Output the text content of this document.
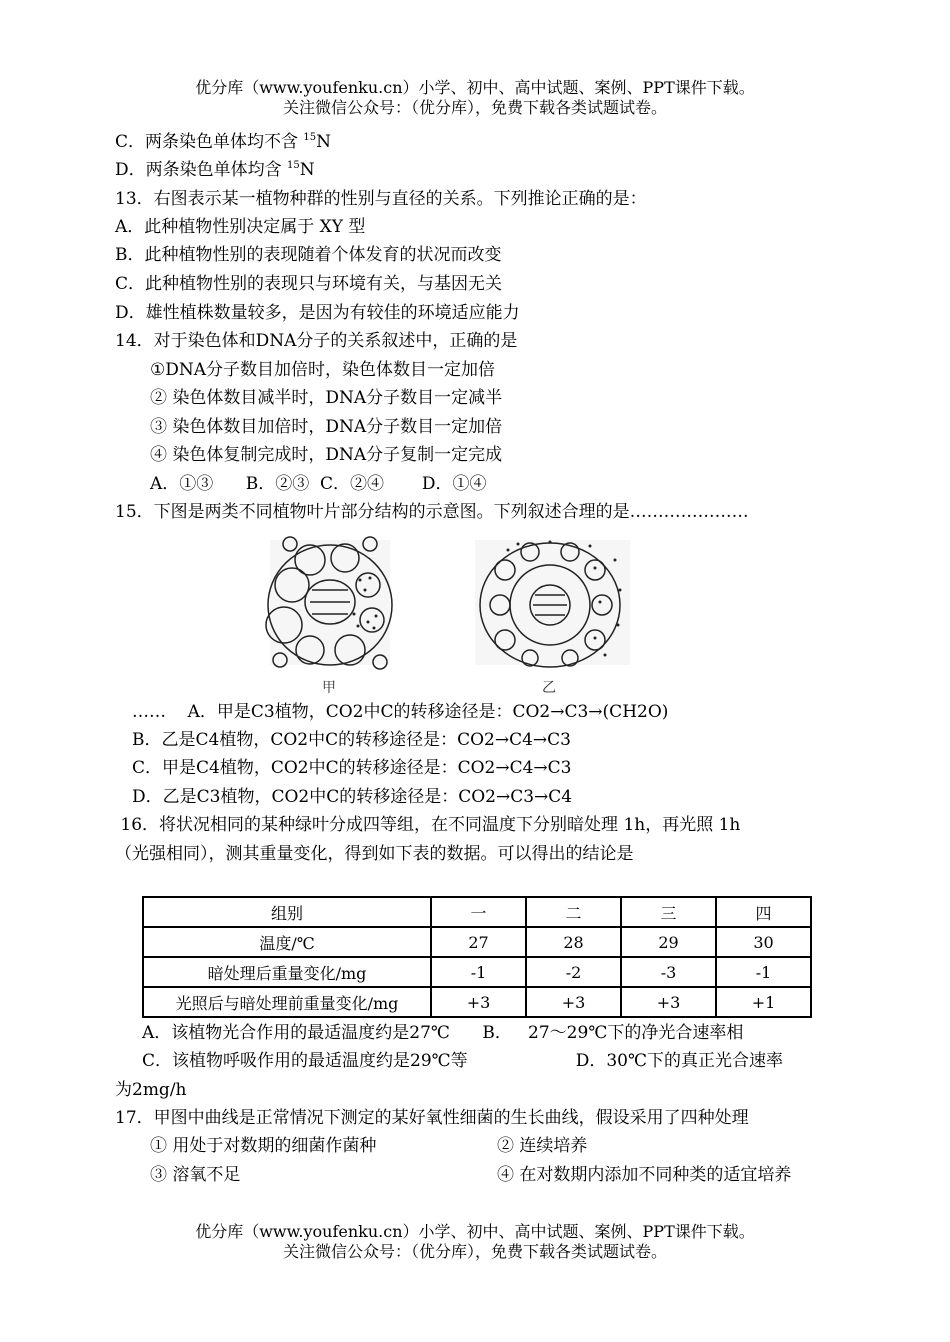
优分库（www.youfenku.cn）小学、初中、高中试题、案例、PPT课件下载。
关注微信公众号：（优分库），免费下载各类试题试卷。
C．两条染色单体均不含 $^{15}$N
D．两条染色单体均含 $^{15}$N
13．右图表示某一植物种群的性别与直径的关系。下列推论正确的是：
A．此种植物性别决定属于 XY 型
B．此种植物性别的表现随着个体发育的状况而改变
C．此种植物性别的表现只与环境有关，与基因无关
D．雄性植株数量较多，是因为有较佳的环境适应能力
14．对于染色体和DNA分子的关系叙述中，正确的是
①DNA分子数目加倍时，染色体数目一定加倍
② 染色体数目减半时，DNA分子数目一定减半
③ 染色体数目加倍时，DNA分子数目一定加倍
④ 染色体复制完成时，DNA分子复制一定完成
A．①③      B．②③  C．②④       D．①④
15．下图是两类不同植物叶片部分结构的示意图。下列叙述合理的是…………………
甲	乙
……    A．甲是C3植物，CO2中C的转移途径是：CO2→C3→(CH2O)
B．乙是C4植物，CO2中C的转移途径是：CO2→C4→C3
C．甲是C4植物，CO2中C的转移途径是：CO2→C4→C3
D．乙是C3植物，CO2中C的转移途径是：CO2→C3→C4
16．将状况相同的某种绿叶分成四等组，在不同温度下分别暗处理 1h，再光照 1h
（光强相同），测其重量变化，得到如下表的数据。可以得出的结论是
组别	一	二	三	四
温度/℃	27	28	29	30
暗处理后重量变化/mg	-1	-2	-3	-1
光照后与暗处理前重量变化/mg	+3	+3	+3	+1
A．该植物光合作用的最适温度约是27℃      B．   27～29℃下的净光合速率相
C．该植物呼吸作用的最适温度约是29℃等                    D．30℃下的真正光合速率
为2mg/h
17．甲图中曲线是正常情况下测定的某好氧性细菌的生长曲线，假设采用了四种处理
① 用处于对数期的细菌作菌种	② 连续培养
③ 溶氧不足	④ 在对数期内添加不同种类的适宜培养
优分库（www.youfenku.cn）小学、初中、高中试题、案例、PPT课件下载。
关注微信公众号：（优分库），免费下载各类试题试卷。
